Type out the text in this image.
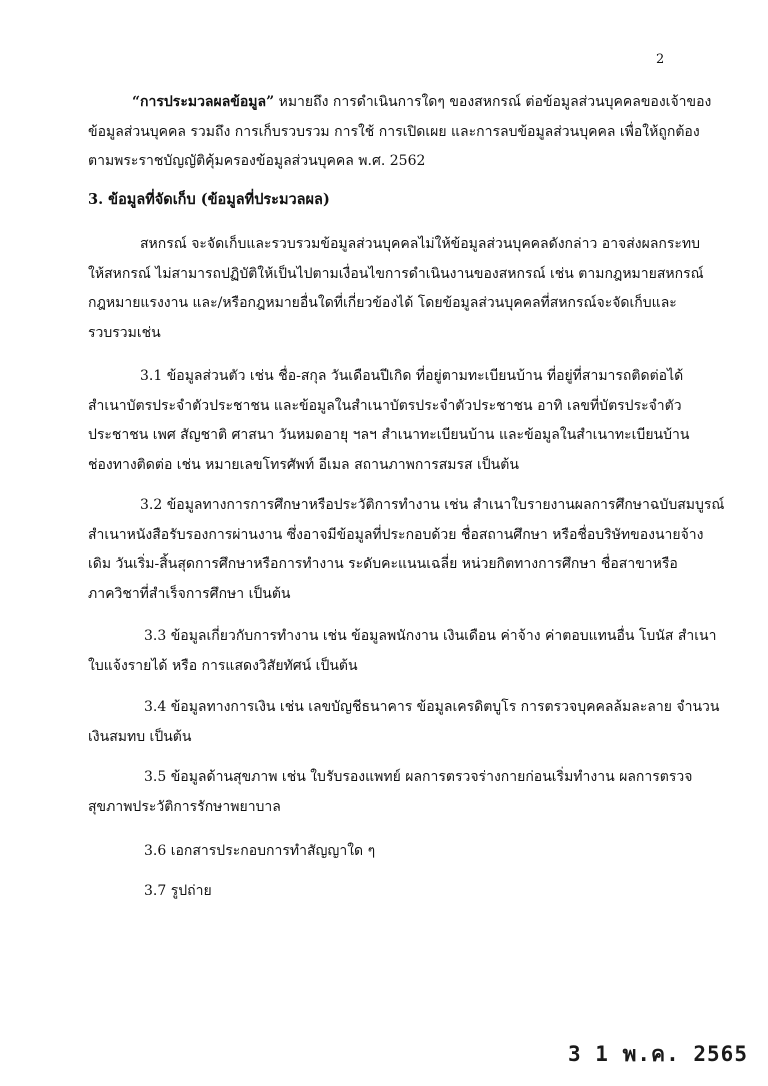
2

“การประมวลผลข้อมูล” หมายถึง การดำเนินการใดๆ ของสหกรณ์ ต่อข้อมูลส่วนบุคคลของเจ้าของ
ข้อมูลส่วนบุคคล รวมถึง การเก็บรวบรวม การใช้ การเปิดเผย และการลบข้อมูลส่วนบุคคล เพื่อให้ถูกต้อง
ตามพระราชบัญญัติคุ้มครองข้อมูลส่วนบุคคล พ.ศ. 2562

3. ข้อมูลที่จัดเก็บ (ข้อมูลที่ประมวลผล)

สหกรณ์ จะจัดเก็บและรวบรวมข้อมูลส่วนบุคคลไม่ให้ข้อมูลส่วนบุคคลดังกล่าว อาจส่งผลกระทบ
ให้สหกรณ์ ไม่สามารถปฏิบัติให้เป็นไปตามเงื่อนไขการดำเนินงานของสหกรณ์ เช่น ตามกฎหมายสหกรณ์
กฎหมายแรงงาน และ/หรือกฎหมายอื่นใดที่เกี่ยวข้องได้ โดยข้อมูลส่วนบุคคลที่สหกรณ์จะจัดเก็บและ
รวบรวมเช่น

3.1 ข้อมูลส่วนตัว เช่น ชื่อ-สกุล วันเดือนปีเกิด ที่อยู่ตามทะเบียนบ้าน ที่อยู่ที่สามารถติดต่อได้
สำเนาบัตรประจำตัวประชาชน และข้อมูลในสำเนาบัตรประจำตัวประชาชน อาทิ เลขที่บัตรประจำตัว
ประชาชน เพศ สัญชาติ ศาสนา วันหมดอายุ ฯลฯ สำเนาทะเบียนบ้าน และข้อมูลในสำเนาทะเบียนบ้าน
ช่องทางติดต่อ เช่น หมายเลขโทรศัพท์ อีเมล สถานภาพการสมรส เป็นต้น

3.2 ข้อมูลทางการการศึกษาหรือประวัติการทำงาน เช่น สำเนาใบรายงานผลการศึกษาฉบับสมบูรณ์
สำเนาหนังสือรับรองการผ่านงาน ซึ่งอาจมีข้อมูลที่ประกอบด้วย ชื่อสถานศึกษา หรือชื่อบริษัทของนายจ้าง
เดิม วันเริ่ม-สิ้นสุดการศึกษาหรือการทำงาน ระดับคะแนนเฉลี่ย หน่วยกิตทางการศึกษา ชื่อสาขาหรือ
ภาควิชาที่สำเร็จการศึกษา เป็นต้น

3.3 ข้อมูลเกี่ยวกับการทำงาน เช่น ข้อมูลพนักงาน เงินเดือน ค่าจ้าง ค่าตอบแทนอื่น โบนัส สำเนา
ใบแจ้งรายได้ หรือ การแสดงวิสัยทัศน์ เป็นต้น

3.4 ข้อมูลทางการเงิน เช่น เลขบัญชีธนาคาร ข้อมูลเครดิตบูโร การตรวจบุคคลล้มละลาย จำนวน
เงินสมทบ เป็นต้น

3.5 ข้อมูลด้านสุขภาพ เช่น ใบรับรองแพทย์ ผลการตรวจร่างกายก่อนเริ่มทำงาน ผลการตรวจ
สุขภาพประวัติการรักษาพยาบาล

3.6 เอกสารประกอบการทำสัญญาใด ๆ

3.7 รูปถ่าย

3 1 พ.ค. 2565
